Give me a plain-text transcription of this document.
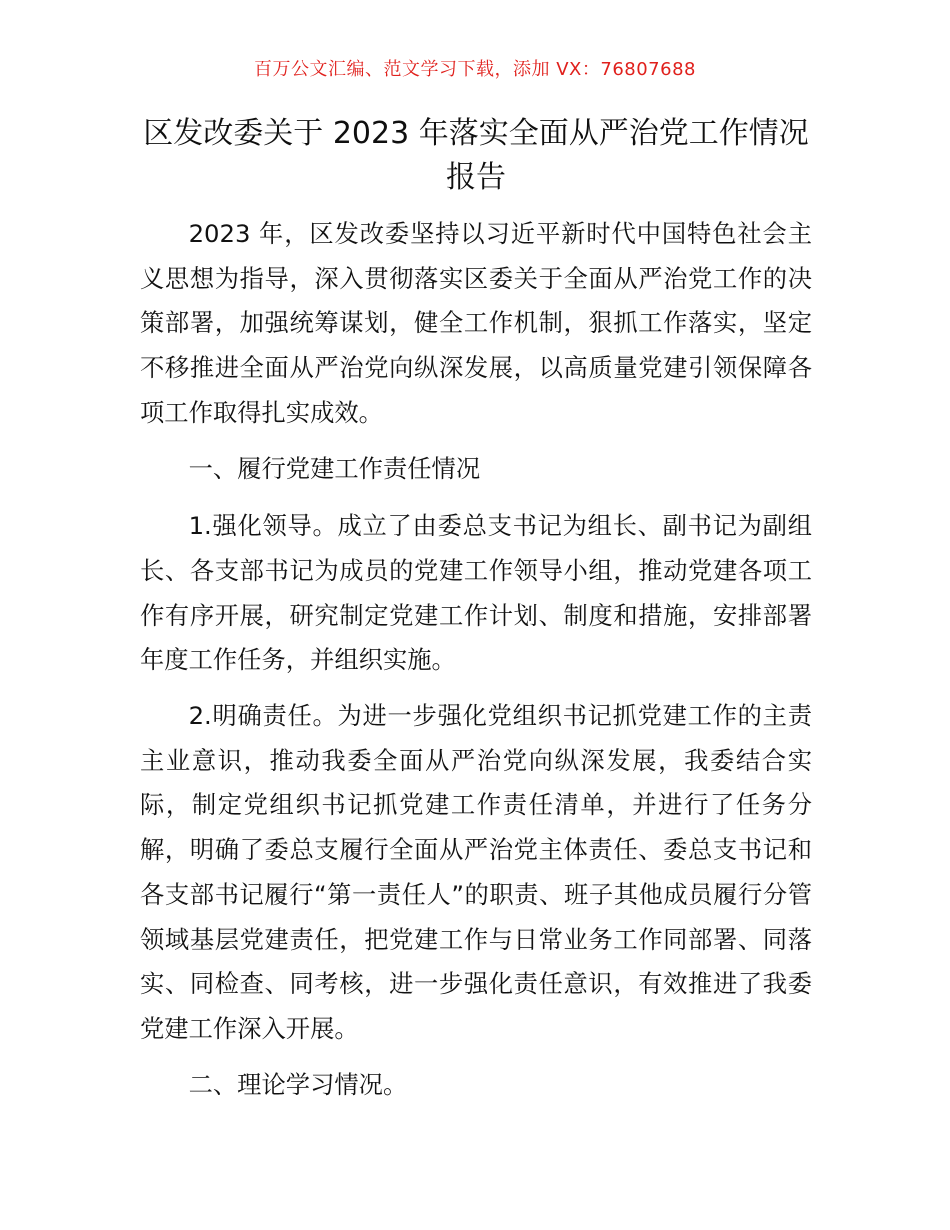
百万公文汇编、范文学习下载，添加 VX：76807688
区发改委关于 2023 年落实全面从严治党工作情况报告

2023 年，区发改委坚持以习近平新时代中国特色社会主义思想为指导，深入贯彻落实区委关于全面从严治党工作的决策部署，加强统筹谋划，健全工作机制，狠抓工作落实，坚定不移推进全面从严治党向纵深发展，以高质量党建引领保障各项工作取得扎实成效。

一、履行党建工作责任情况

1.强化领导。成立了由委总支书记为组长、副书记为副组长、各支部书记为成员的党建工作领导小组，推动党建各项工作有序开展，研究制定党建工作计划、制度和措施，安排部署年度工作任务，并组织实施。

2.明确责任。为进一步强化党组织书记抓党建工作的主责主业意识，推动我委全面从严治党向纵深发展，我委结合实际，制定党组织书记抓党建工作责任清单，并进行了任务分解，明确了委总支履行全面从严治党主体责任、委总支书记和各支部书记履行“第一责任人”的职责、班子其他成员履行分管领域基层党建责任，把党建工作与日常业务工作同部署、同落实、同检查、同考核，进一步强化责任意识，有效推进了我委党建工作深入开展。

二、理论学习情况。
